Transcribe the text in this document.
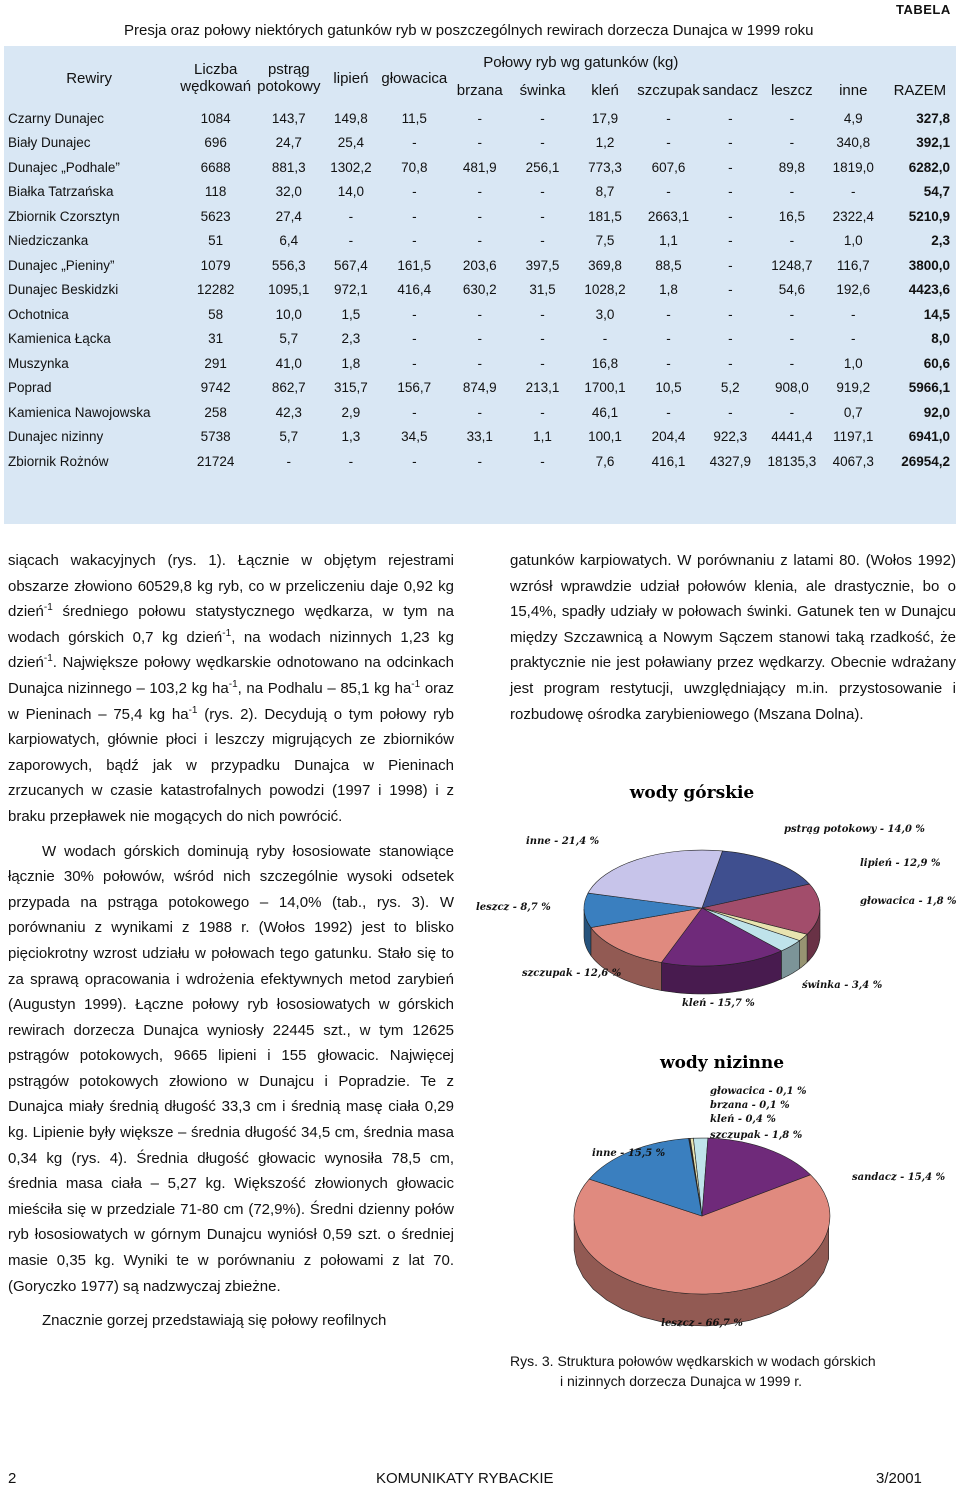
TABELA
Presja oraz połowy niektórych gatunków ryb w poszczególnych rewirach dorzecza Dunajca w 1999 roku
Rewiry	Liczba wędkowań	pstrąg potokowy	lipień	głowacica	Połowy ryb wg gatunków (kg)							
					brzana	świnka	kleń	szczupak	sandacz	leszcz	inne	RAZEM
Czarny Dunajec	1084	143,7	149,8	11,5	-	-	17,9	-	-	-	4,9	327,8
Biały Dunajec	696	24,7	25,4	-	-	-	1,2	-	-	-	340,8	392,1
Dunajec „Podhale”	6688	881,3	1302,2	70,8	481,9	256,1	773,3	607,6	-	89,8	1819,0	6282,0
Białka Tatrzańska	118	32,0	14,0	-	-	-	8,7	-	-	-	-	54,7
Zbiornik Czorsztyn	5623	27,4	-	-	-	-	181,5	2663,1	-	16,5	2322,4	5210,9
Niedziczanka	51	6,4	-	-	-	-	7,5	1,1	-	-	1,0	2,3
Dunajec „Pieniny”	1079	556,3	567,4	161,5	203,6	397,5	369,8	88,5	-	1248,7	116,7	3800,0
Dunajec Beskidzki	12282	1095,1	972,1	416,4	630,2	31,5	1028,2	1,8	-	54,6	192,6	4423,6
Ochotnica	58	10,0	1,5	-	-	-	3,0	-	-	-	-	14,5
Kamienica Łącka	31	5,7	2,3	-	-	-	-	-	-	-	-	8,0
Muszynka	291	41,0	1,8	-	-	-	16,8	-	-	-	1,0	60,6
Poprad	9742	862,7	315,7	156,7	874,9	213,1	1700,1	10,5	5,2	908,0	919,2	5966,1
Kamienica Nawojowska	258	42,3	2,9	-	-	-	46,1	-	-	-	0,7	92,0
Dunajec nizinny	5738	5,7	1,3	34,5	33,1	1,1	100,1	204,4	922,3	4441,4	1197,1	6941,0
Zbiornik Rożnów	21724	-	-	-	-	-	7,6	416,1	4327,9	18135,3	4067,3	26954,2

siącach wakacyjnych (rys. 1). Łącznie w objętym rejestrami obszarze złowiono 60529,8 kg ryb, co w przeliczeniu daje 0,92 kg dzień$^{-1}$ średniego połowu statystycznego wędkarza, w tym na wodach górskich 0,7 kg dzień$^{-1}$, na wodach nizinnych 1,23 kg dzień$^{-1}$. Największe połowy wędkarskie odnotowano na odcinkach Dunajca nizinnego – 103,2 kg $ha^{-1}$, na Podhalu – 85,1 kg $ha^{-1}$ oraz w Pieninach – 75,4 kg $ha^{-1}$ (rys. 2). Decydują o tym połowy ryb karpiowatych, głównie płoci i leszczy migrujących ze zbiorników zaporowych, bądź jak w przypadku Dunajca w Pieninach zrzucanych w czasie katastrofalnych powodzi (1997 i 1998) i z braku przepławek nie mogących do nich powrócić.

W wodach górskich dominują ryby łososiowate stanowiące łącznie 30% połowów, wśród nich szczególnie wysoki odsetek przypada na pstrąga potokowego – 14,0% (tab., rys. 3). W porównaniu z wynikami z 1988 r. (Wołos 1992) jest to blisko pięciokrotny wzrost udziału w połowach tego gatunku. Stało się to za sprawą opracowania i wdrożenia efektywnych metod zarybień (Augustyn 1999). Łączne połowy ryb łososiowatych w górskich rewirach dorzecza Dunajca wyniosły 22445 szt., w tym 12625 pstrągów potokowych, 9665 lipieni i 155 głowacic. Najwięcej pstrągów potokowych złowiono w Dunajcu i Popradzie. Te z Dunajca miały średnią długość 33,3 cm i średnią masę ciała 0,29 kg. Lipienie były większe – średnia długość 34,5 cm, średnia masa 0,34 kg (rys. 4). Średnia długość głowacic wynosiła 78,5 cm, średnia masa ciała – 5,27 kg. Większość złowionych głowacic mieściła się w przedziale 71-80 cm (72,9%). Średni dzienny połów ryb łososiowatych w górnym Dunajcu wyniósł 0,59 szt. o średniej masie 0,35 kg. Wyniki te w porównaniu z połowami z lat 70. (Goryczko 1977) są nadzwyczaj zbieżne.

Znacznie gorzej przedstawiają się połowy reofilnych

gatunków karpiowatych. W porównaniu z latami 80. (Wołos 1992) wzrósł wprawdzie udział połowów klenia, ale drastycznie, bo o 15,4%, spadły udziały w połowach świnki. Gatunek ten w Dunajcu między Szczawnicą a Nowym Sączem stanowi taką rzadkość, że praktycznie nie jest poławiany przez wędkarzy. Obecnie wdrażany jest program restytucji, uwzględniający m.in. przystosowanie i rozbudowę ośrodka zarybieniowego (Mszana Dolna).

wody górskie
pstrąg potokowy - 14,0 %
lipień - 12,9 %
głowacica - 1,8 %
świnka - 3,4 %
kleń - 15,7 %
szczupak - 12,6 %
leszcz - 8,7 %
inne - 21,4 %
wody nizinne
głowacica - 0,1 %
brzana - 0,1 %
kleń - 0,4 %
szczupak - 1,8 %
sandacz - 15,4 %
leszcz - 66,7 %
inne - 15,5 %
Rys. 3. Struktura połowów wędkarskich w wodach górskich
i nizinnych dorzecza Dunajca w 1999 r.
2	KOMUNIKATY RYBACKIE	3/2001
